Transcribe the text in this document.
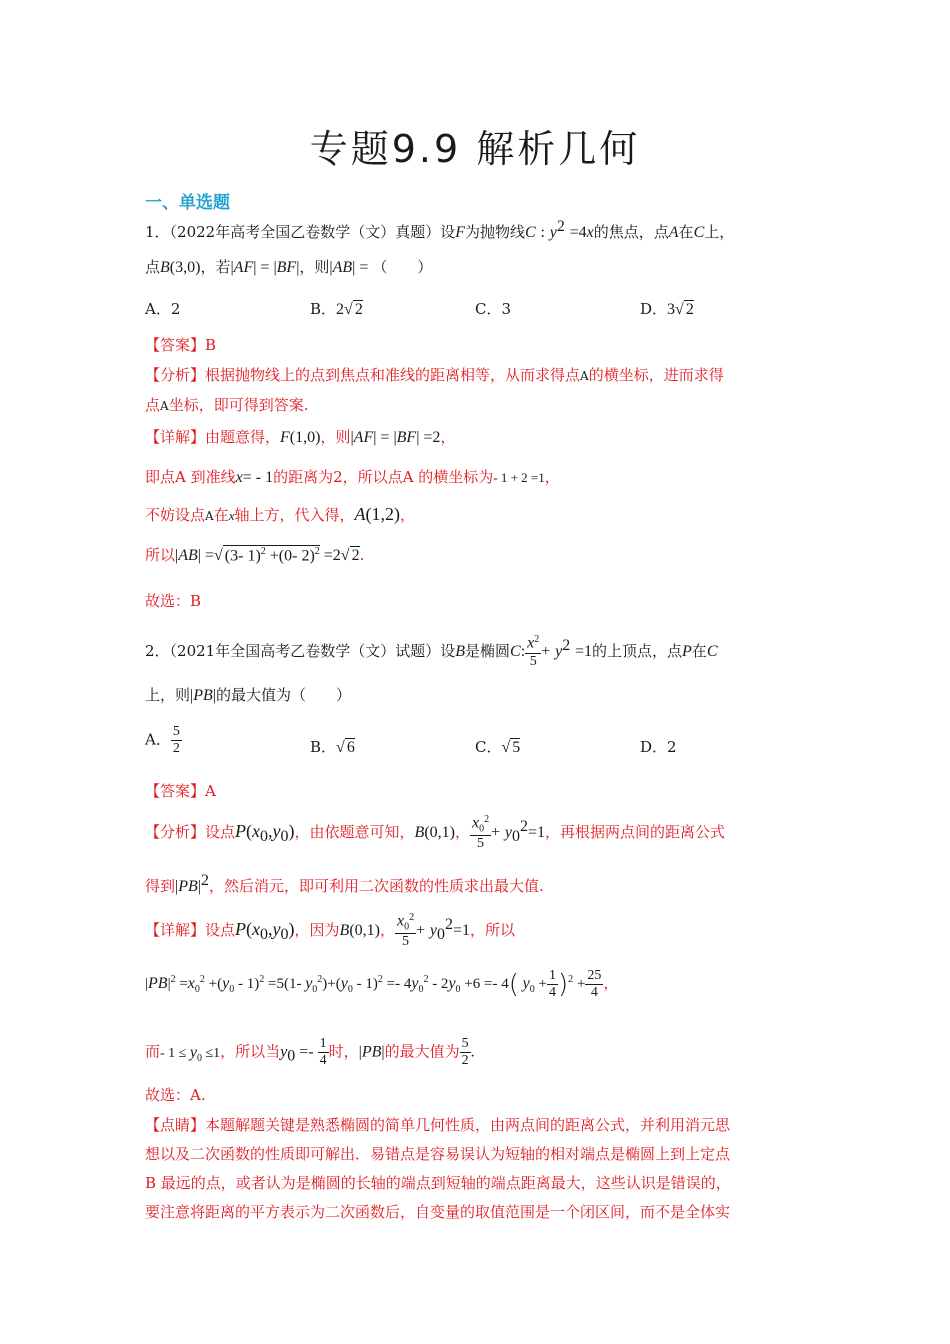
专题9.9 解析几何
一、单选题
1．（2022年高考全国乙卷数学（文）真题）设F为抛物线C : $y^2 =4x$的焦点，点A在C上，
点B(3,0)，若|AF| = |BF|，则|AB| = （　　）
A．2	B．2√ 2	C．3	D．3√ 2
【答案】B
【分析】根据抛物线上的点到焦点和准线的距离相等，从而求得点A的横坐标，进而求得
点A坐标，即可得到答案.
【详解】由题意得，F(1,0)，则|AF| = |BF| =2，
即点A 到准线x= - 1的距离为2，所以点A 的横坐标为- 1 + 2 =1，
不妨设点A在x轴上方，代入得，A(1,2)，
所以|AB| =√ (3- 1)$^2$ +(0- 2)$^2$ =2√ 2.
故选：B
2．（2021年全国高考乙卷数学（文）试题）设B是椭圆C: $\frac{x^2}{5} + y^2 =1$的上顶点，点P在C
上，则|PB|的最大值为（　　）
A． $\frac{5}{2}$	B．√ 6	C．√ 5	D．2
【答案】A
【分析】设点$P(x_0,y_0)$，由依题意可知，B(0,1)， $\frac{x_0^2}{5} + y_0^2=1$，再根据两点间的距离公式
得到$|PB|^2$，然后消元，即可利用二次函数的性质求出最大值.
【详解】设点$P(x_0,y_0)$，因为B(0,1)， $\frac{x_0^2}{5} + y_0^2=1$，所以
$|PB|^2 =x_0^2 +(y_0 - 1)^2 =5(1-$ $y_0^2)+(y_0 - 1)^2 =- 4y_0^2 - 2y_0 +6 =- 4$( $y_0 + \frac{1}{4} )^2 + \frac{25}{4}$ ，
而- $1 \le y_0 \le 1$，所以当$y_0 =- \frac{1}{4}$ 时，|PB|的最大值为 $\frac{5}{2}$ .
故选：A.
【点睛】本题解题关键是熟悉椭圆的简单几何性质，由两点间的距离公式，并利用消元思
想以及二次函数的性质即可解出．易错点是容易误认为短轴的相对端点是椭圆上到上定点
B 最远的点，或者认为是椭圆的长轴的端点到短轴的端点距离最大，这些认识是错误的，
要注意将距离的平方表示为二次函数后，自变量的取值范围是一个闭区间，而不是全体实
